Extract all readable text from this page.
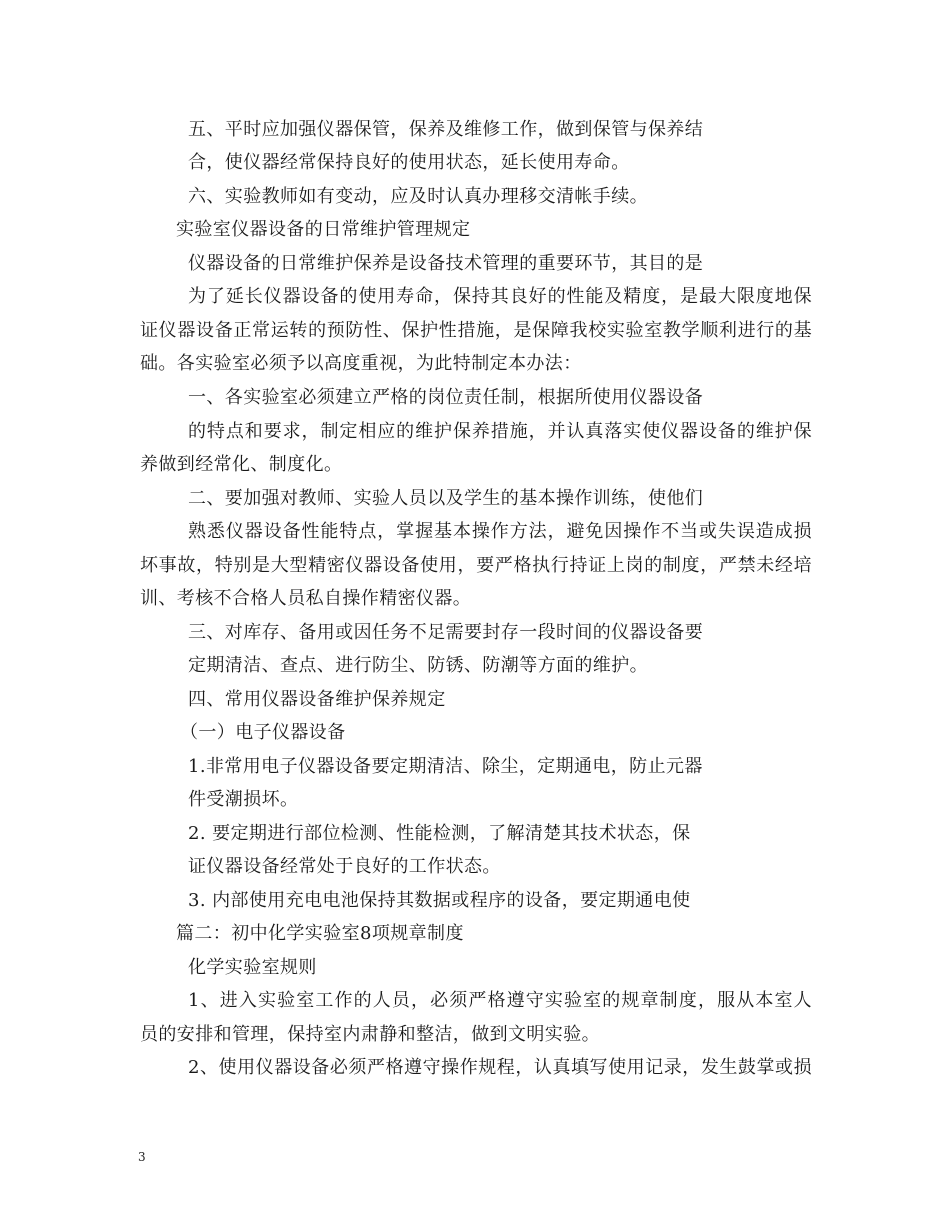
五、平时应加强仪器保管，保养及维修工作，做到保管与保养结
合，使仪器经常保持良好的使用状态，延长使用寿命。
六、实验教师如有变动，应及时认真办理移交清帐手续。
实验室仪器设备的日常维护管理规定
仪器设备的日常维护保养是设备技术管理的重要环节，其目的是
为了延长仪器设备的使用寿命，保持其良好的性能及精度，是最大限度地保
证仪器设备正常运转的预防性、保护性措施，是保障我校实验室教学顺利进行的基
础。各实验室必须予以高度重视，为此特制定本办法：
一、各实验室必须建立严格的岗位责任制，根据所使用仪器设备
的特点和要求，制定相应的维护保养措施，并认真落实使仪器设备的维护保
养做到经常化、制度化。
二、要加强对教师、实验人员以及学生的基本操作训练，使他们
熟悉仪器设备性能特点，掌握基本操作方法，避免因操作不当或失误造成损
坏事故，特别是大型精密仪器设备使用，要严格执行持证上岗的制度，严禁未经培
训、考核不合格人员私自操作精密仪器。
三、对库存、备用或因任务不足需要封存一段时间的仪器设备要
定期清洁、查点、进行防尘、防锈、防潮等方面的维护。
四、常用仪器设备维护保养规定
（一）电子仪器设备
1.非常用电子仪器设备要定期清洁、除尘，定期通电，防止元器
件受潮损坏。
2. 要定期进行部位检测、性能检测，了解清楚其技术状态，保
证仪器设备经常处于良好的工作状态。
3. 内部使用充电电池保持其数据或程序的设备，要定期通电使
篇二：初中化学实验室8项规章制度
化学实验室规则
1、进入实验室工作的人员，必须严格遵守实验室的规章制度，服从本室人
员的安排和管理，保持室内肃静和整洁，做到文明实验。
2、使用仪器设备必须严格遵守操作规程，认真填写使用记录，发生鼓掌或损
3
